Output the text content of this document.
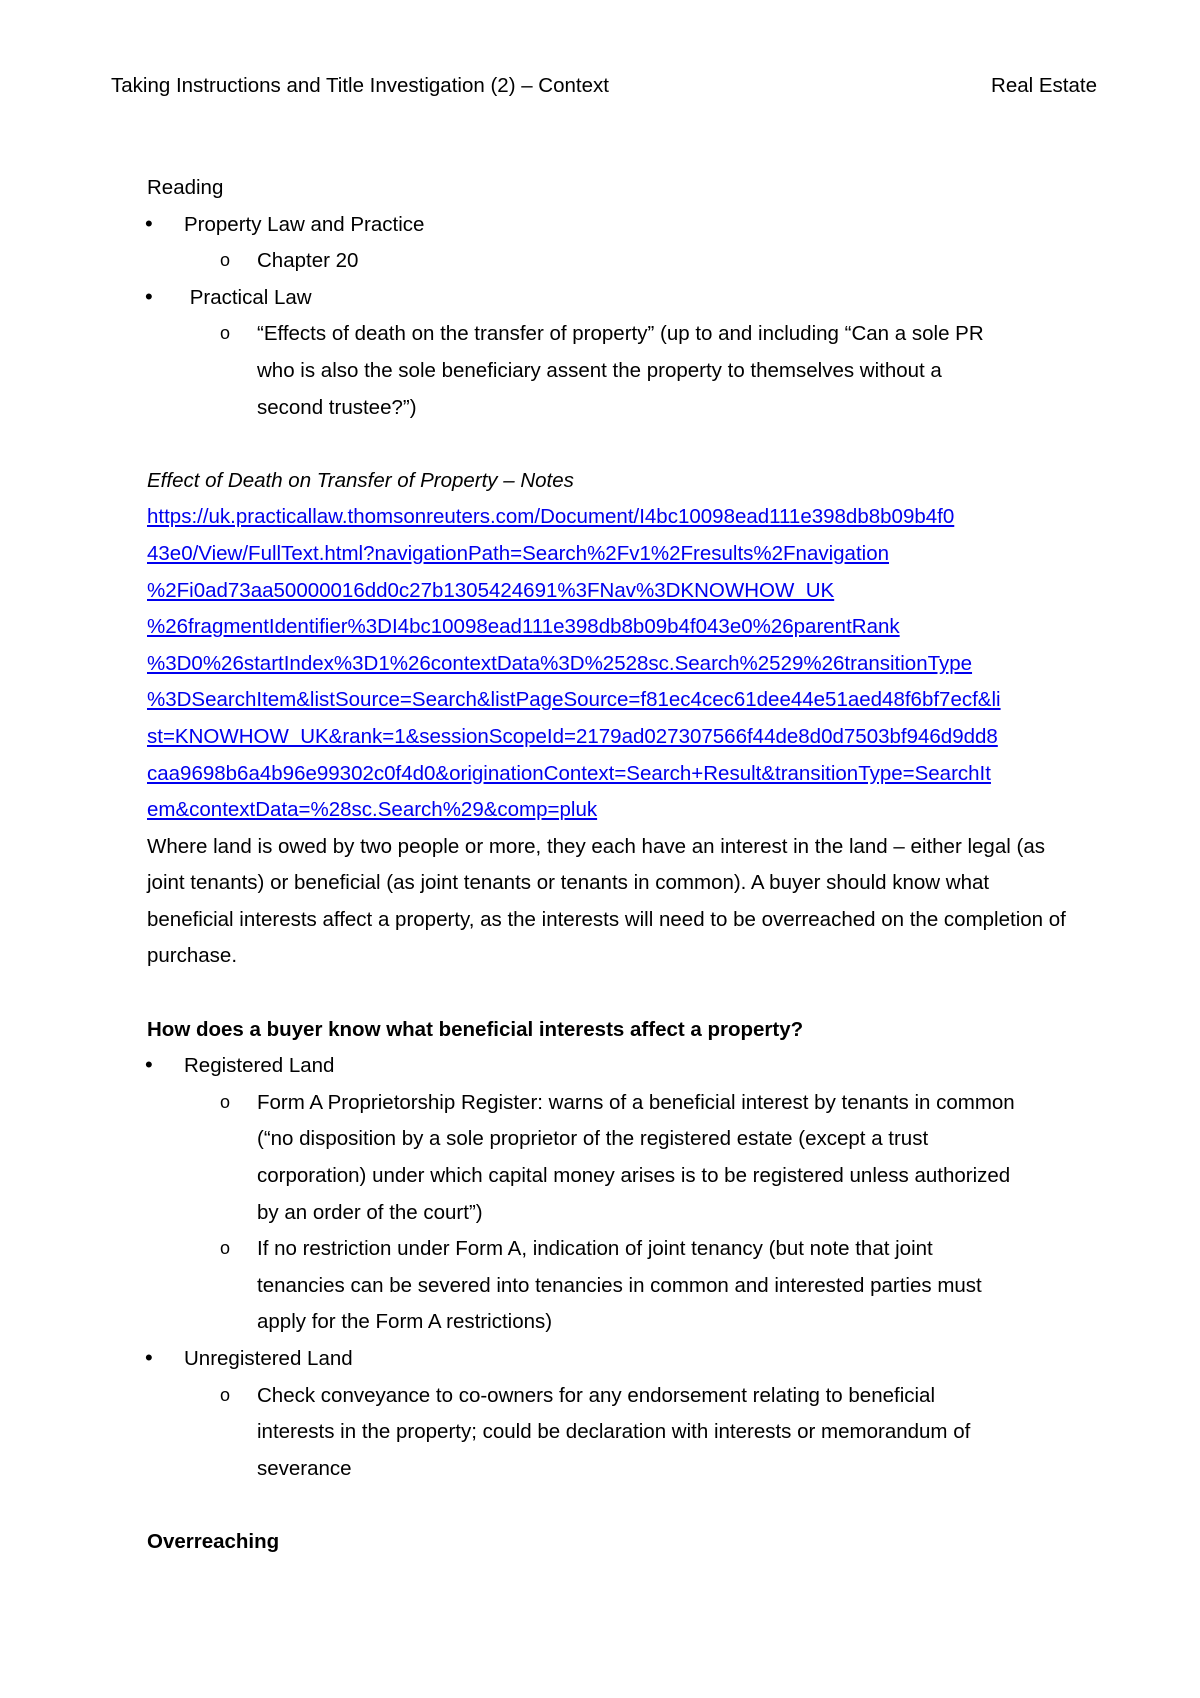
Taking Instructions and Title Investigation (2) – Context	Real Estate

Reading

• Property Law and Practice
o Chapter 20
• Practical Law
o “Effects of death on the transfer of property” (up to and including “Can a sole PR who is also the sole beneficiary assent the property to themselves without a second trustee?”)

Effect of Death on Transfer of Property – Notes

https://uk.practicallaw.thomsonreuters.com/Document/I4bc10098ead111e398db8b09b4f0
43e0/View/FullText.html?navigationPath=Search%2Fv1%2Fresults%2Fnavigation
%2Fi0ad73aa50000016dd0c27b1305424691%3FNav%3DKNOWHOW_UK
%26fragmentIdentifier%3DI4bc10098ead111e398db8b09b4f043e0%26parentRank
%3D0%26startIndex%3D1%26contextData%3D%2528sc.Search%2529%26transitionType
%3DSearchItem&listSource=Search&listPageSource=f81ec4cec61dee44e51aed48f6bf7ecf&li
st=KNOWHOW_UK&rank=1&sessionScopeId=2179ad027307566f44de8d0d7503bf946d9dd8
caa9698b6a4b96e99302c0f4d0&originationContext=Search+Result&transitionType=SearchIt
em&contextData=%28sc.Search%29&comp=pluk

Where land is owed by two people or more, they each have an interest in the land – either legal (as joint tenants) or beneficial (as joint tenants or tenants in common). A buyer should know what beneficial interests affect a property, as the interests will need to be overreached on the completion of purchase.

How does a buyer know what beneficial interests affect a property?

• Registered Land
o Form A Proprietorship Register: warns of a beneficial interest by tenants in common (“no disposition by a sole proprietor of the registered estate (except a trust corporation) under which capital money arises is to be registered unless authorized by an order of the court”)
o If no restriction under Form A, indication of joint tenancy (but note that joint tenancies can be severed into tenancies in common and interested parties must apply for the Form A restrictions)
• Unregistered Land
o Check conveyance to co-owners for any endorsement relating to beneficial interests in the property; could be declaration with interests or memorandum of severance

Overreaching
